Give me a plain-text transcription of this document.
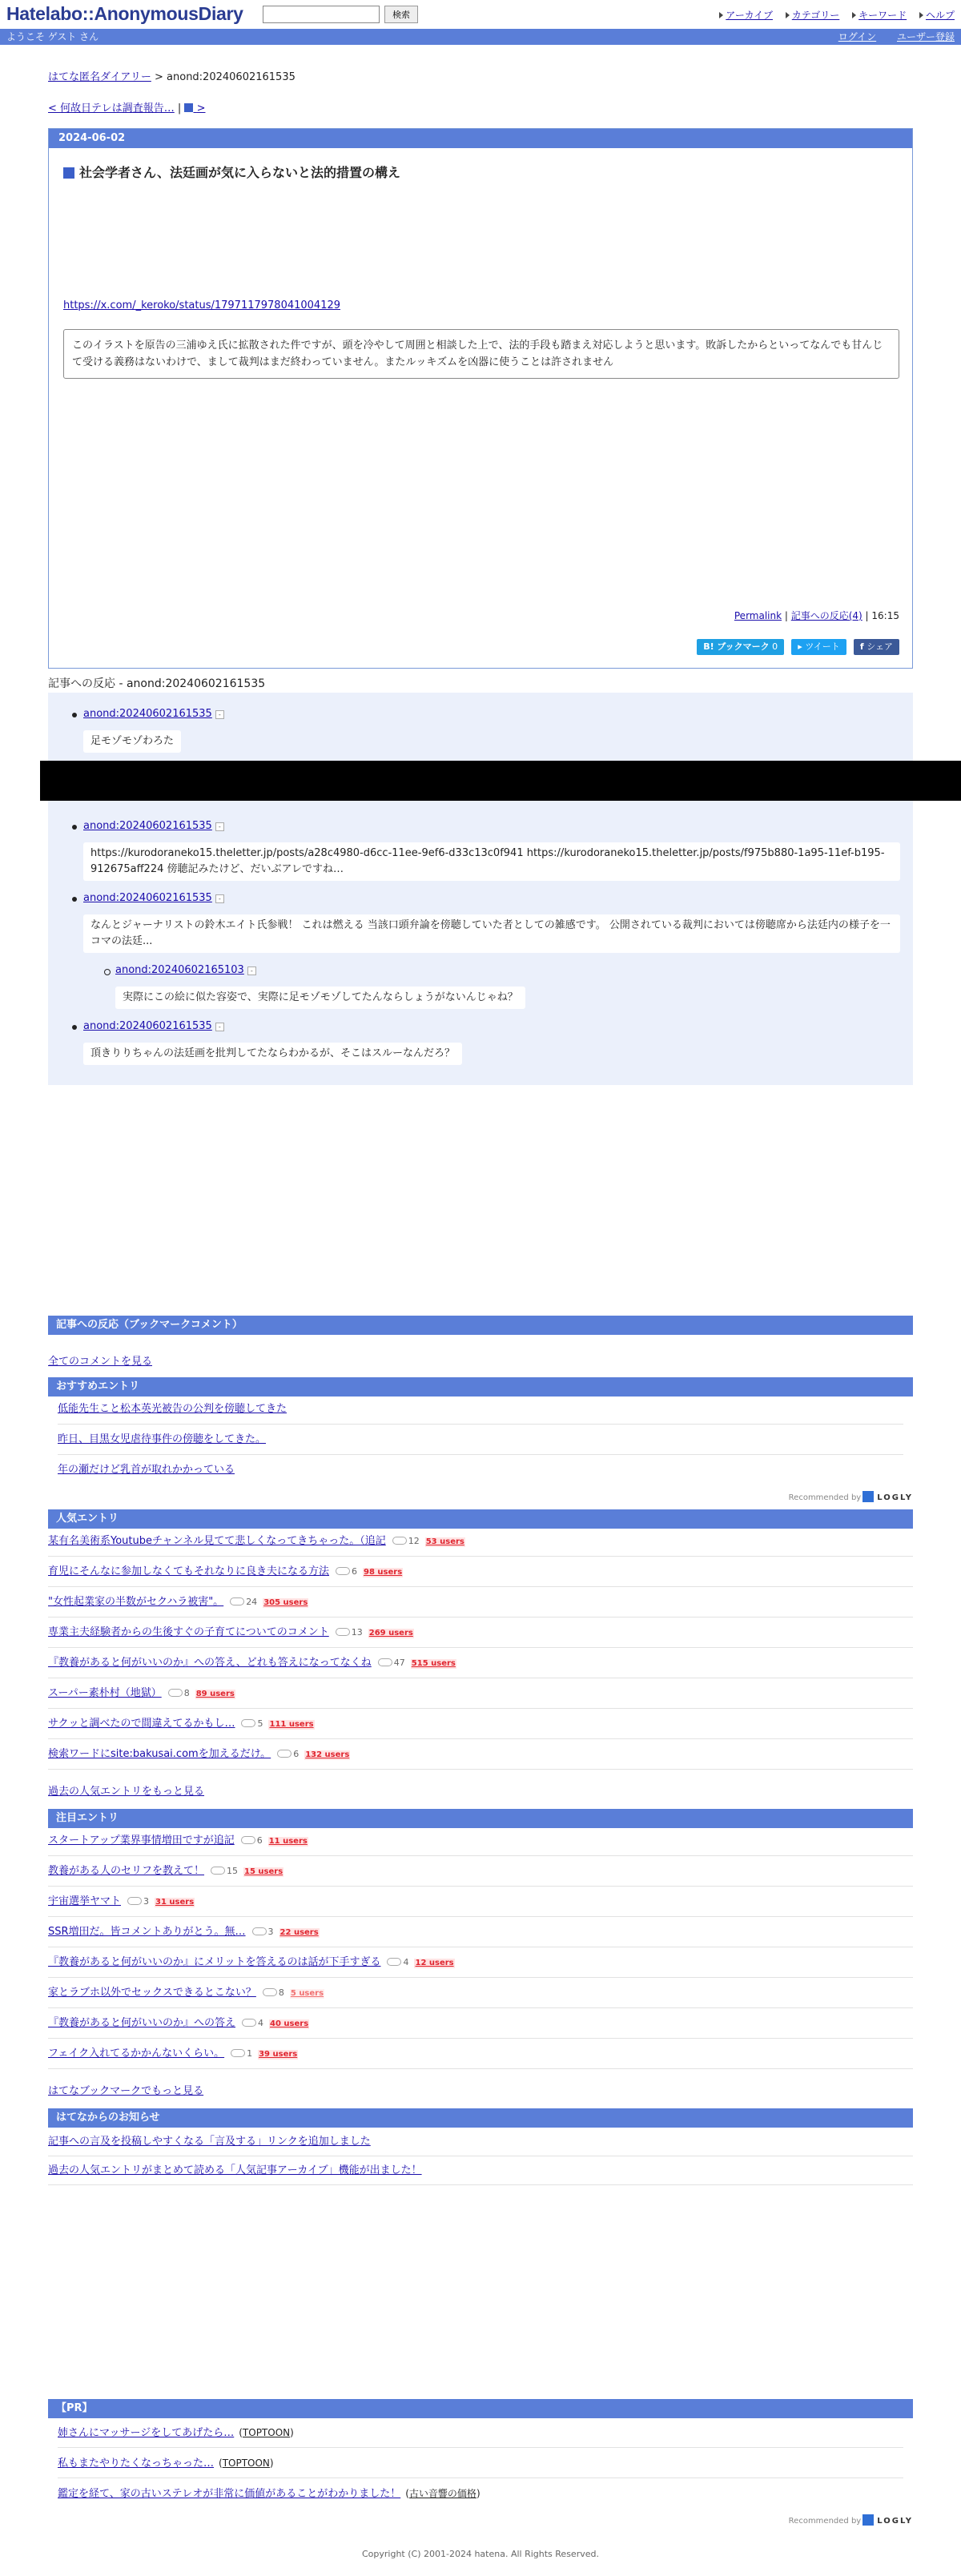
Hatelabo::AnonymousDiary	検索	アーカイブ カテゴリー キーワード ヘルプ
ようこそ ゲスト さん	ログイン ユーザー登録
はてな匿名ダイアリー > anond:20240602161535
< 何故日テレは調査報告… | >
2024-06-02
社会学者さん、法廷画が気に入らないと法的措置の構え
https://x.com/_keroko/status/1797117978041004129
このイラストを原告の三浦ゆえ氏に拡散された件ですが、頭を冷やして周囲と相談した上で、法的手段も踏まえ対応しようと思います。敗訴したからといってなんでも甘んじて受ける義務はないわけで、まして裁判はまだ終わっていません。またルッキズムを凶器に使うことは許されません
Permalink | 記事への反応(4) | 16:15
B! ブックマーク 0 ▸ ツイート f シェア
記事への反応 - anond:20240602161535
anond:20240602161535 -
足モゾモゾわろた
anond:20240602161535 -
https://kurodoraneko15.theletter.jp/posts/a28c4980-d6cc-11ee-9ef6-d33c13c0f941 https://kurodoraneko15.theletter.jp/posts/f975b880-1a95-11ef-b195-912675aff224 傍聴記みたけど、だいぶアレですね…
anond:20240602161535 -
なんとジャーナリストの鈴木エイト氏参戦！ これは燃える 当該口頭弁論を傍聴していた者としての雑感です。 公開されている裁判においては傍聴席から法廷内の様子を一コマの法廷...
anond:20240602165103 -
実際にこの絵に似た容姿で、実際に足モゾモゾしてたんならしょうがないんじゃね？
anond:20240602161535 -
頂きりりちゃんの法廷画を批判してたならわかるが、そこはスルーなんだろ？
記事への反応（ブックマークコメント）
全てのコメントを見る
おすすめエントリ
低能先生こと松本英光被告の公判を傍聴してきた
昨日、目黒女児虐待事件の傍聴をしてきた。
年の瀬だけど乳首が取れかかっている
Recommended by LOGLY
人気エントリ
某有名美術系Youtubeチャンネル見てて悲しくなってきちゃった。（追記	12 53 users
育児にそんなに参加しなくてもそれなりに良き夫になる方法	6 98 users
"女性起業家の半数がセクハラ被害"。	24 305 users
専業主夫経験者からの生後すぐの子育てについてのコメント	13 269 users
『教養があると何がいいのか』への答え、どれも答えになってなくね	47 515 users
スーパー素朴村（地獄）	8 89 users
サクッと調べたので間違えてるかもし…	5 111 users
検索ワードにsite:bakusai.comを加えるだけ。	6 132 users
過去の人気エントリをもっと見る
注目エントリ
スタートアップ業界事情増田ですが追記	6 11 users
教養がある人のセリフを教えて！	15 15 users
宇宙選挙ヤマト	3 31 users
SSR増田だ。皆コメントありがとう。無…	3 22 users
『教養があると何がいいのか』にメリットを答えるのは話が下手すぎる	4 12 users
家とラブホ以外でセックスできるとこない？	8 5 users
『教養があると何がいいのか』への答え	4 40 users
フェイク入れてるかかんないくらい。	1 39 users
はてなブックマークでもっと見る
はてなからのお知らせ
記事への言及を投稿しやすくなる「言及する」リンクを追加しました
過去の人気エントリがまとめて読める「人気記事アーカイブ」機能が出ました！
【PR】
姉さんにマッサージをしてあげたら… (TOPTOON)
私もまたやりたくなっちゃった… (TOPTOON)
鑑定を経て、家の古いステレオが非常に価値があることがわかりました！ (古い音響の価格)
Recommended by LOGLY
Copyright (C) 2001-2024 hatena. All Rights Reserved.
